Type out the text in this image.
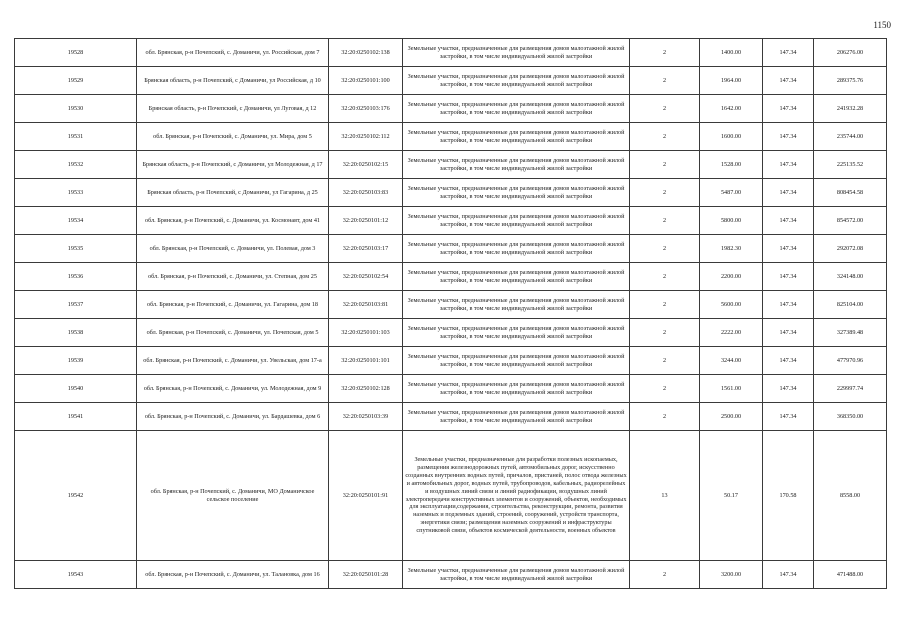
1150
19528	обл. Брянская, р-н Почепский, с. Доманичи, ул. Российская, дом 7	32:20:0250102:138	Земельные участки, предназначенные для размещения домов малоэтажной жилой застройки, в том числе индивидуальной жилой застройки	2	1400.00	147.34	206276.00
19529	Брянская область, р-н Почепский, с Доманичи, ул Российская, д 10	32:20:0250101:100	Земельные участки, предназначенные для размещения домов малоэтажной жилой застройки, в том числе индивидуальной жилой застройки	2	1964.00	147.34	289375.76
19530	Брянская область, р-н Почепский, с Доманичи, ул Луговая, д 12	32:20:0250103:176	Земельные участки, предназначенные для размещения домов малоэтажной жилой застройки, в том числе индивидуальной жилой застройки	2	1642.00	147.34	241932.28
19531	обл. Брянская, р-н Почепский, с. Доманичи, ул. Мира, дом 5	32:20:0250102:112	Земельные участки, предназначенные для размещения домов малоэтажной жилой застройки, в том числе индивидуальной жилой застройки	2	1600.00	147.34	235744.00
19532	Брянская область, р-н Почепский, с Доманичи, ул Молодежная, д 17	32:20:0250102:15	Земельные участки, предназначенные для размещения домов малоэтажной жилой застройки, в том числе индивидуальной жилой застройки	2	1528.00	147.34	225135.52
19533	Брянская область, р-н Почепский, с Доманичи, ул Гагарина, д 25	32:20:0250103:83	Земельные участки, предназначенные для размещения домов малоэтажной жилой застройки, в том числе индивидуальной жилой застройки	2	5487.00	147.34	808454.58
19534	обл. Брянская, р-н Почепский, с. Доманичи, ул. Космонавт, дом 41	32:20:0250101:12	Земельные участки, предназначенные для размещения домов малоэтажной жилой застройки, в том числе индивидуальной жилой застройки	2	5800.00	147.34	854572.00
19535	обл. Брянская, р-н Почепский, с. Доманичи, ул. Полевая, дом 3	32:20:0250103:17	Земельные участки, предназначенные для размещения домов малоэтажной жилой застройки, в том числе индивидуальной жилой застройки	2	1982.30	147.34	292072.08
19536	обл. Брянская, р-н Почепский, с. Доманичи, ул. Степная, дом 25	32:20:0250102:54	Земельные участки, предназначенные для размещения домов малоэтажной жилой застройки, в том числе индивидуальной жилой застройки	2	2200.00	147.34	324148.00
19537	обл. Брянская, р-н Почепский, с. Доманичи, ул. Гагарина, дом 18	32:20:0250103:81	Земельные участки, предназначенные для размещения домов малоэтажной жилой застройки, в том числе индивидуальной жилой застройки	2	5600.00	147.34	825104.00
19538	обл. Брянская, р-н Почепский, с. Доманичи, ул. Почепская, дом 5	32:20:0250101:103	Земельные участки, предназначенные для размещения домов малоэтажной жилой застройки, в том числе индивидуальной жилой застройки	2	2222.00	147.34	327389.48
19539	обл. Брянская, р-н Почепский, с. Доманичи, ул. Увельская, дом 17-а	32:20:0250101:101	Земельные участки, предназначенные для размещения домов малоэтажной жилой застройки, в том числе индивидуальной жилой застройки	2	3244.00	147.34	477970.96
19540	обл. Брянская, р-н Почепский, с. Доманичи, ул. Молодежная, дом 9	32:20:0250102:128	Земельные участки, предназначенные для размещения домов малоэтажной жилой застройки, в том числе индивидуальной жилой застройки	2	1561.00	147.34	229997.74
19541	обл. Брянская, р-н Почепский, с. Доманичи, ул. Бардашевка, дом 6	32:20:0250103:39	Земельные участки, предназначенные для размещения домов малоэтажной жилой застройки, в том числе индивидуальной жилой застройки	2	2500.00	147.34	368350.00
19542	обл. Брянская, р-н Почепский, с. Доманичи, МО Доманичское сельское поселение	32:20:0250101:91	Земельные участки, предназначенные для разработки полезных ископаемых, размещения железнодорожных путей, автомобильных дорог, искусственно созданных внутренних водных путей, причалов, пристаней, полос отвода железных и автомобильных дорог, водных путей, трубопроводов, кабельных, радиорелейных и воздушных линий связи и линий радиофикации, воздушных линий электропередачи конструктивных элементов и сооружений, объектов, необходимых для эксплуатации,содержания, строительства, реконструкции, ремонта, развития наземных и подземных зданий, строений, сооружений, устройств транспорта, энергетики связи; размещения наземных сооружений и инфраструктуры спутниковой связи, объектов космической деятельности, военных объектов	13	50.17	170.58	8558.00
19543	обл. Брянская, р-н Почепский, с. Доманичи, ул. Талановка, дом 16	32:20:0250101:28	Земельные участки, предназначенные для размещения домов малоэтажной жилой застройки, в том числе индивидуальной жилой застройки	2	3200.00	147.34	471488.00
